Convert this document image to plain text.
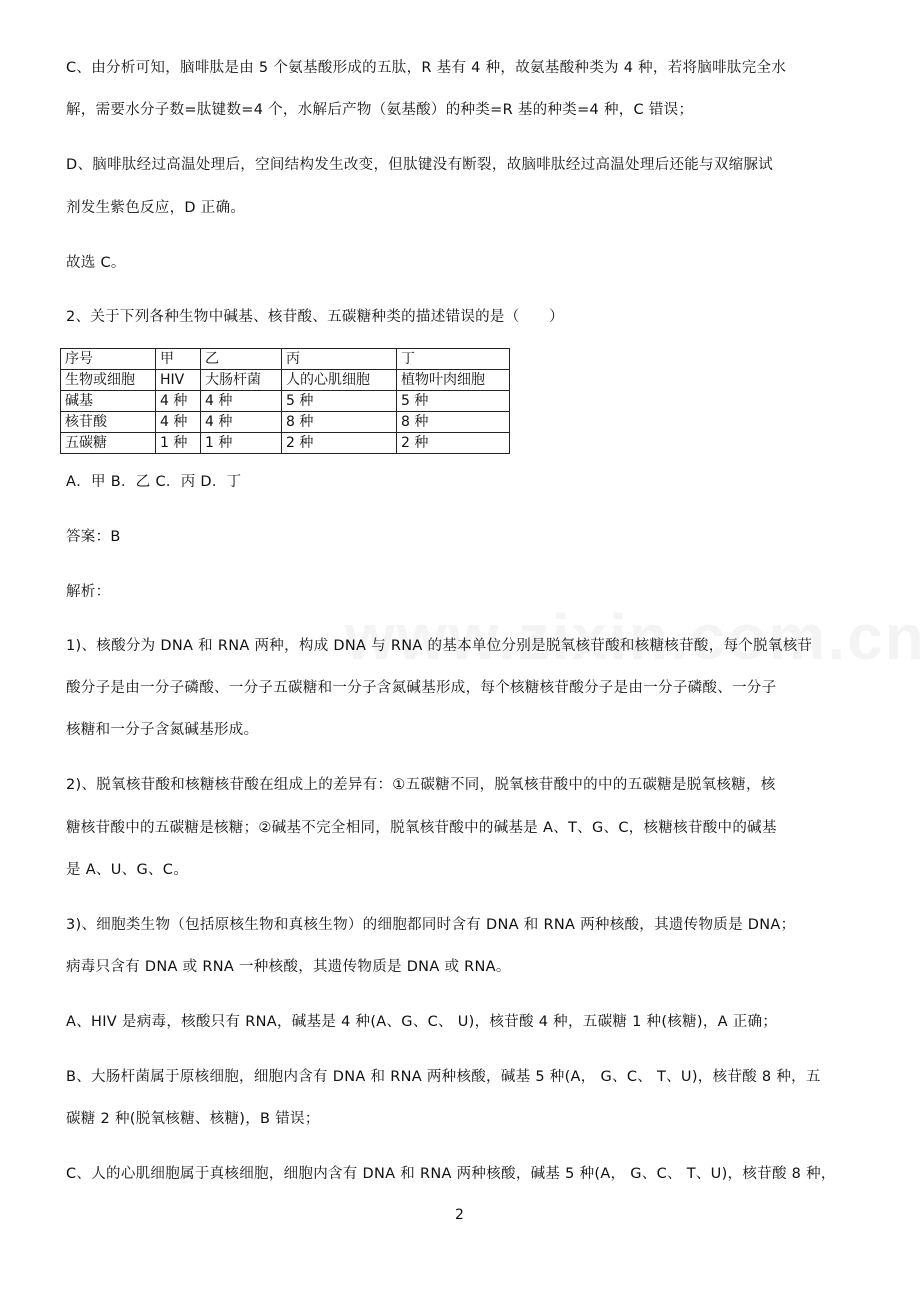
C、由分析可知，脑啡肽是由 5 个氨基酸形成的五肽，R 基有 4 种，故氨基酸种类为 4 种，若将脑啡肽完全水
解，需要水分子数=肽键数=4 个，水解后产物（氨基酸）的种类=R 基的种类=4 种，C 错误；
D、脑啡肽经过高温处理后，空间结构发生改变，但肽键没有断裂，故脑啡肽经过高温处理后还能与双缩脲试
剂发生紫色反应，D 正确。
故选 C。
2、关于下列各种生物中碱基、核苷酸、五碳糖种类的描述错误的是（　　）
序号	甲	乙	丙	丁
生物或细胞	HIV	大肠杆菌	人的心肌细胞	植物叶肉细胞
碱基	4 种	4 种	5 种	5 种
核苷酸	4 种	4 种	8 种	8 种
五碳糖	1 种	1 种	2 种	2 种
A．甲 B．乙 C．丙 D．丁
答案：B
解析：
1)、核酸分为 DNA 和 RNA 两种，构成 DNA 与 RNA 的基本单位分别是脱氧核苷酸和核糖核苷酸，每个脱氧核苷
酸分子是由一分子磷酸、一分子五碳糖和一分子含氮碱基形成，每个核糖核苷酸分子是由一分子磷酸、一分子
核糖和一分子含氮碱基形成。
2)、脱氧核苷酸和核糖核苷酸在组成上的差异有：①五碳糖不同，脱氧核苷酸中的中的五碳糖是脱氧核糖，核
糖核苷酸中的五碳糖是核糖；②碱基不完全相同，脱氧核苷酸中的碱基是 A、T、G、C，核糖核苷酸中的碱基
是 A、U、G、C。
3)、细胞类生物（包括原核生物和真核生物）的细胞都同时含有 DNA 和 RNA 两种核酸，其遗传物质是 DNA；
病毒只含有 DNA 或 RNA 一种核酸，其遗传物质是 DNA 或 RNA。
A、HIV 是病毒，核酸只有 RNA，碱基是 4 种(A、G、C、 U)，核苷酸 4 种，五碳糖 1 种(核糖)，A 正确；
B、大肠杆菌属于原核细胞，细胞内含有 DNA 和 RNA 两种核酸，碱基 5 种(A， G、C、 T、U)，核苷酸 8 种，五
碳糖 2 种(脱氧核糖、核糖)，B 错误；
C、人的心肌细胞属于真核细胞，细胞内含有 DNA 和 RNA 两种核酸，碱基 5 种(A， G、C、 T、U)，核苷酸 8 种，
2
